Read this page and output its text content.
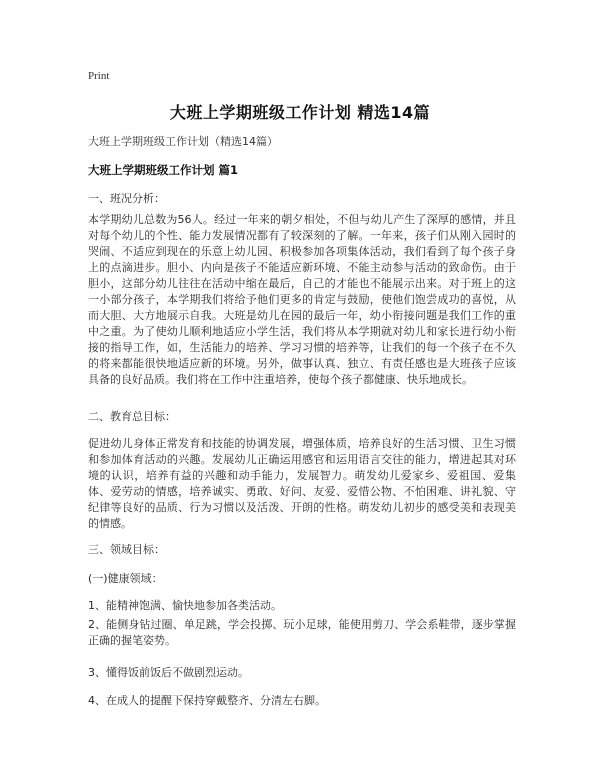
Print
大班上学期班级工作计划 精选14篇
大班上学期班级工作计划（精选14篇）
大班上学期班级工作计划 篇1
一、班况分析：

本学期幼儿总数为56人。经过一年来的朝夕相处，不但与幼儿产生了深厚的感情，并且对每个幼儿的个性、能力发展情况都有了较深刻的了解。一年来，孩子们从刚入园时的哭闹、不适应到现在的乐意上幼儿园、积极参加各项集体活动，我们看到了每个孩子身上的点滴进步。胆小、内向是孩子不能适应新环境、不能主动参与活动的致命伤。由于胆小，这部分幼儿往往在活动中缩在最后，自己的才能也不能展示出来。对于班上的这一小部分孩子，本学期我们将给予他们更多的肯定与鼓励，使他们饱尝成功的喜悦，从而大胆、大方地展示自我。大班是幼儿在园的最后一年，幼小衔接问题是我们工作的重中之重。为了使幼儿顺利地适应小学生活，我们将从本学期就对幼儿和家长进行幼小衔接的指导工作，如，生活能力的培养、学习习惯的培养等，让我们的每一个孩子在不久的将来都能很快地适应新的环境。另外，做事认真、独立、有责任感也是大班孩子应该具备的良好品质。我们将在工作中注重培养，使每个孩子都健康、快乐地成长。

二、教育总目标：

促进幼儿身体正常发育和技能的协调发展，增强体质，培养良好的生活习惯、卫生习惯和参加体育活动的兴趣。发展幼儿正确运用感官和运用语言交往的能力，增进起其对环境的认识，培养有益的兴趣和动手能力，发展智力。萌发幼儿爱家乡、爱祖国、爱集体、爱劳动的情感，培养诚实、勇敢、好问、友爱、爱惜公物、不怕困难、讲礼貌、守纪律等良好的品质、行为习惯以及活泼、开朗的性格。萌发幼儿初步的感受美和表现美的情感。

三、领域目标：
(一)健康领域：
1、能精神饱满、愉快地参加各类活动。

2、能侧身钻过圈、单足跳，学会投掷、玩小足球，能使用剪刀、学会系鞋带，逐步掌握正确的握笔姿势。

3、懂得饭前饭后不做剧烈运动。
4、在成人的提醒下保持穿戴整齐、分清左右脚。
